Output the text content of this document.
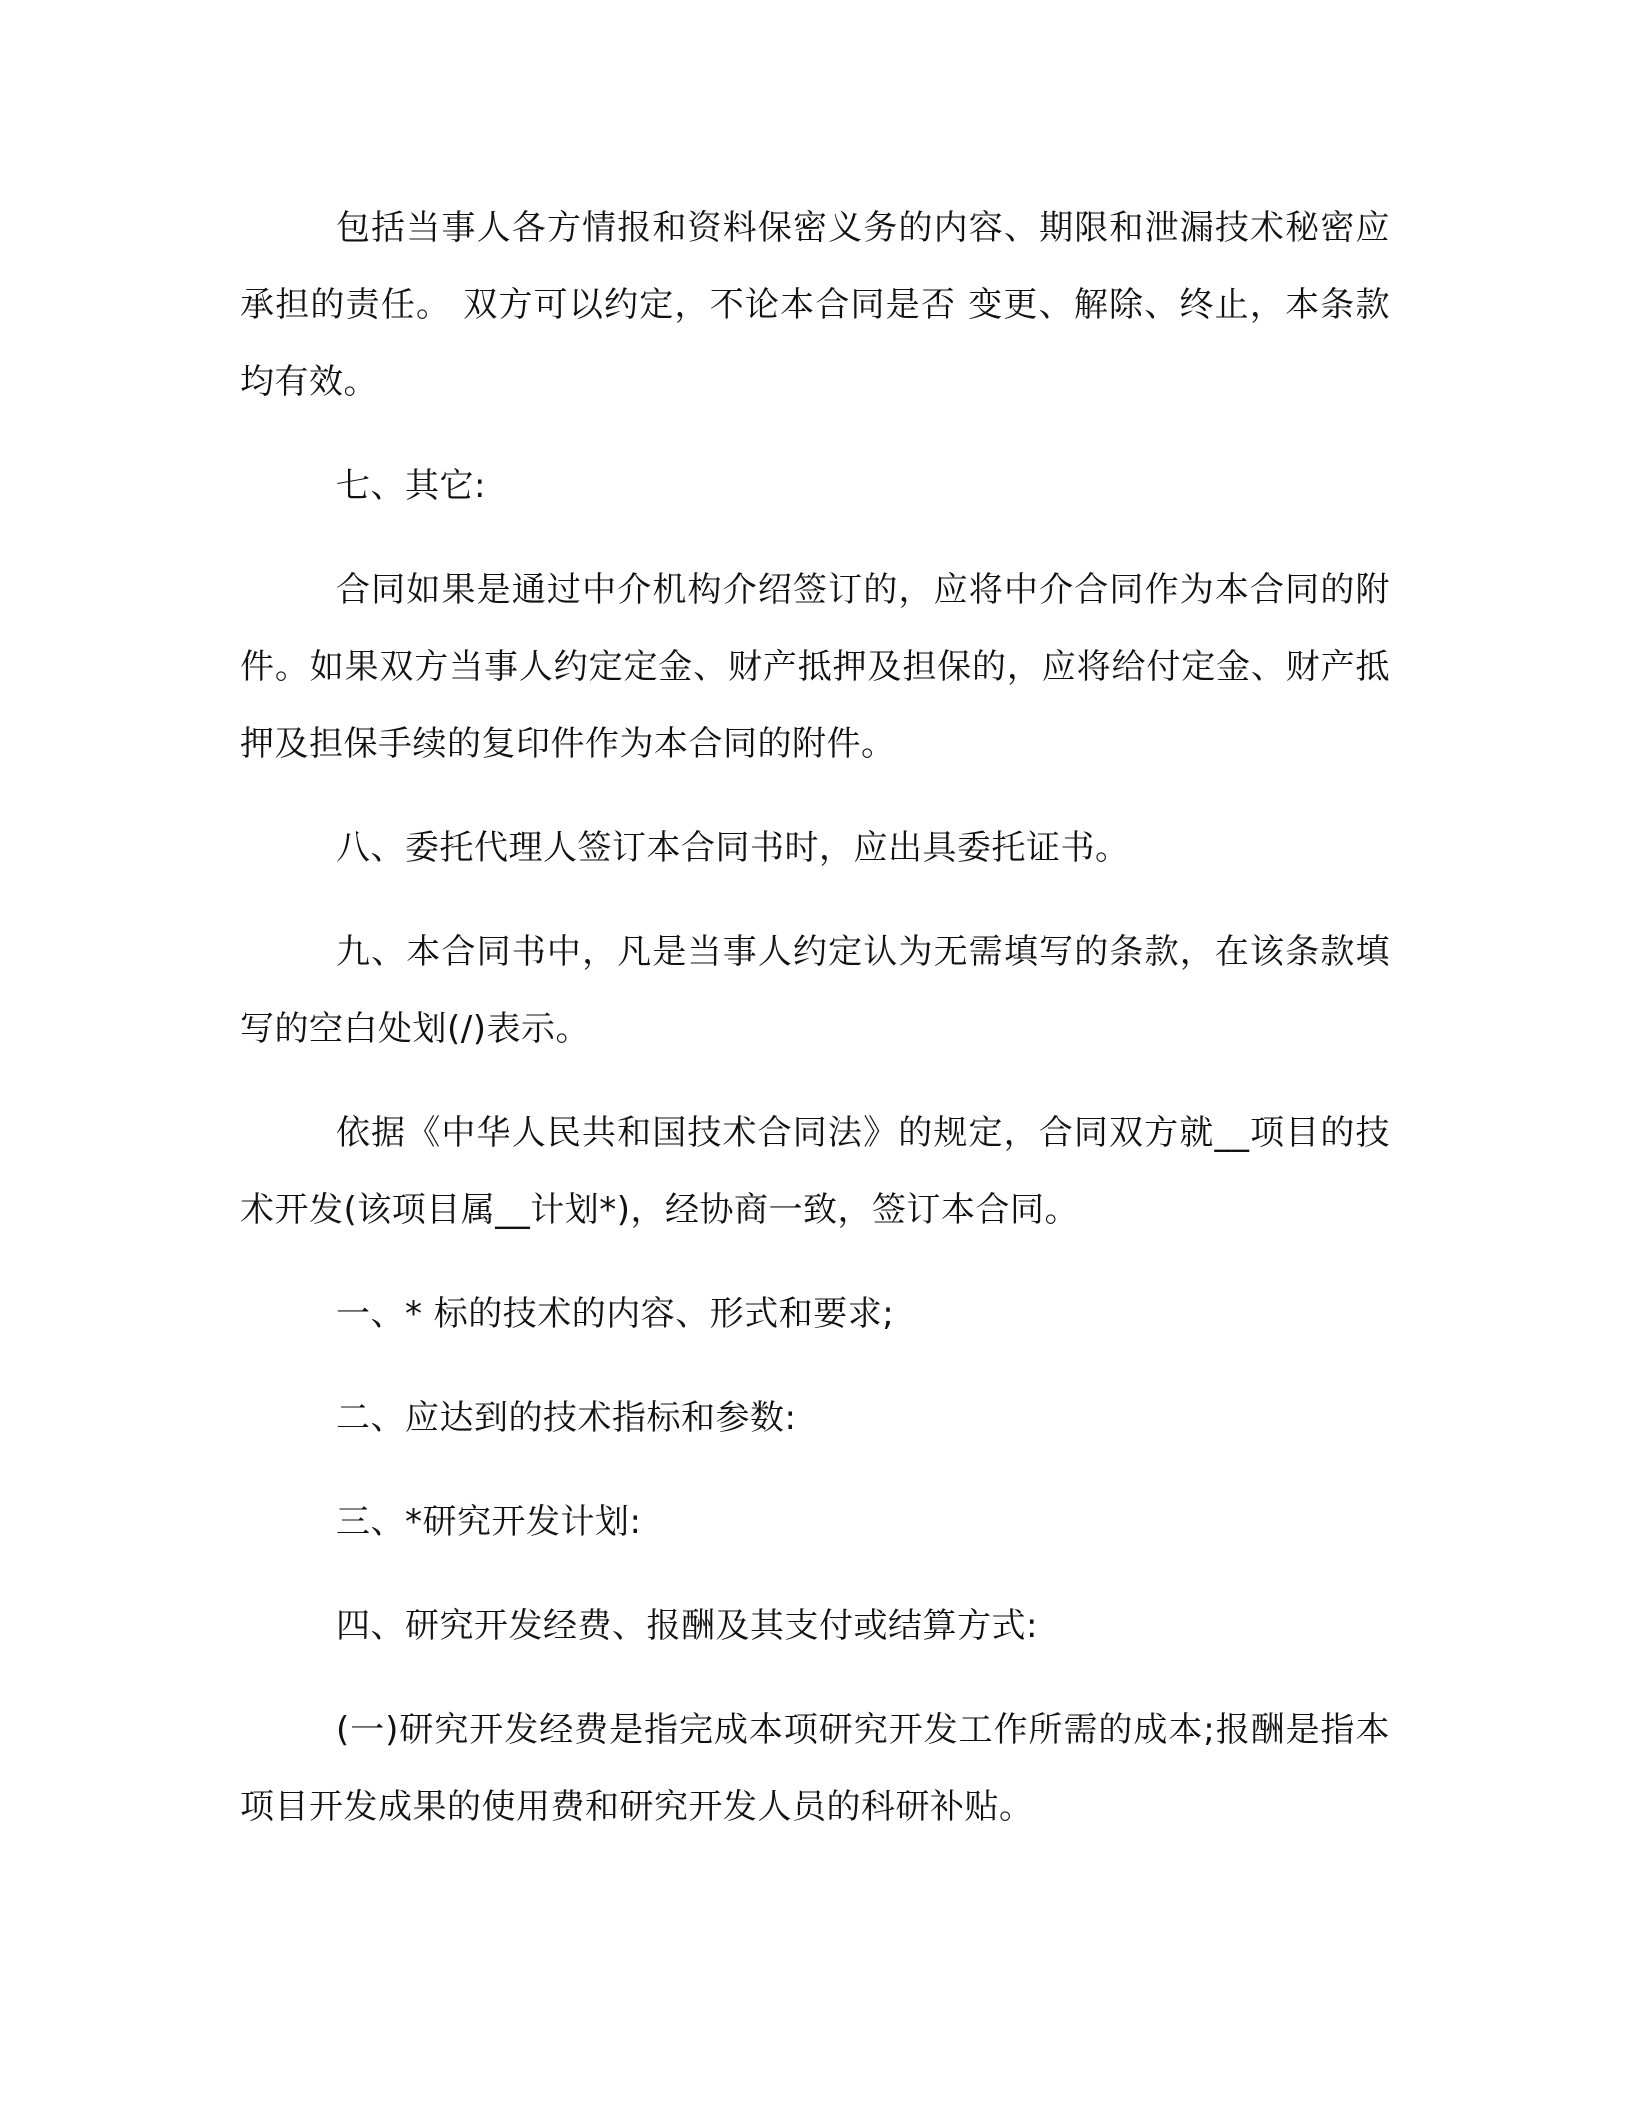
包括当事人各方情报和资料保密义务的内容、期限和泄漏技术秘密应承担的责任。 双方可以约定，不论本合同是否 变更、解除、终止，本条款均有效。

七、其它:

合同如果是通过中介机构介绍签订的，应将中介合同作为本合同的附件。如果双方当事人约定定金、财产抵押及担保的，应将给付定金、财产抵押及担保手续的复印件作为本合同的附件。

八、委托代理人签订本合同书时，应出具委托证书。

九、本合同书中，凡是当事人约定认为无需填写的条款，在该条款填写的空白处划(/)表示。

依据《中华人民共和国技术合同法》的规定，合同双方就__项目的技术开发(该项目属__计划*)，经协商一致，签订本合同。

一、* 标的技术的内容、形式和要求;

二、应达到的技术指标和参数:

三、*研究开发计划:

四、研究开发经费、报酬及其支付或结算方式:

(一)研究开发经费是指完成本项研究开发工作所需的成本;报酬是指本项目开发成果的使用费和研究开发人员的科研补贴。
